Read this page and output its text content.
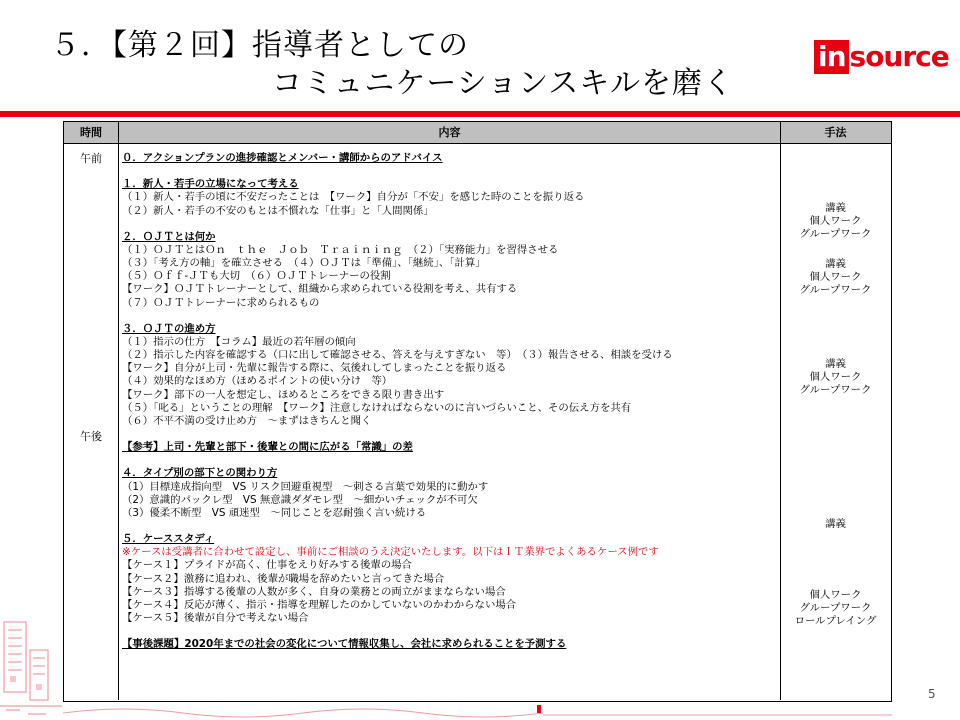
５．【第２回】指導者としての
コミュニケーションスキルを磨く
in source
時間	内容	手法
午前
午後
０．アクションプランの進捗確認とメンバー・講師からのアドバイス
１．新人・若手の立場になって考える
（１）新人・若手の頃に不安だったことは　【ワーク】自分が「不安」を感じた時のことを振り返る
（２）新人・若手の不安のもとは不慣れな「仕事」と「人間関係」
２．ＯＪＴとは何か
（１）ＯＪＴとはＯｎ　ｔｈｅ　Ｊｏｂ　Ｔｒａｉｎｉｎｇ　（２）「実務能力」を習得させる
（３）「考え方の軸」を確立させる　（４）ＯＪＴは「準備」、「継続」、「計算」
（５）Ｏｆｆ-ＪＴも大切　（６）ＯＪＴトレーナーの役割
【ワーク】ＯＪＴトレーナーとして、組織から求められている役割を考え、共有する
（７）ＯＪＴトレーナーに求められるもの
３．ＯＪＴの進め方
（１）指示の仕方　【コラム】最近の若年層の傾向
（２）指示した内容を確認する（口に出して確認させる、答えを与えすぎない　等）　（３）報告させる、相談を受ける
【ワーク】自分が上司・先輩に報告する際に、気後れしてしまったことを振り返る
（４）効果的なほめ方（ほめるポイントの使い分け　等）
【ワーク】部下の一人を想定し、ほめるところをできる限り書き出す
（５）「叱る」ということの理解　【ワーク】注意しなければならないのに言いづらいこと、その伝え方を共有
（６）不平不満の受け止め方　～まずはきちんと聞く
【参考】上司・先輩と部下・後輩との間に広がる「常識」の差
４．タイプ別の部下との関わり方
（1）目標達成指向型　VS リスク回避重視型　～刺さる言葉で効果的に動かす
（2）意識的パックレ型　VS 無意識ダダモレ型　～細かいチェックが不可欠
（3）優柔不断型　VS 頑迷型　～同じことを忍耐強く言い続ける
５．ケーススタディ
※ケースは受講者に合わせて設定し、事前にご相談のうえ決定いたします。以下はＩＴ業界でよくあるケース例です
【ケース１】プライドが高く、仕事をえり好みする後輩の場合
【ケース２】激務に追われ、後輩が職場を辞めたいと言ってきた場合
【ケース３】指導する後輩の人数が多く、自身の業務との両立がままならない場合
【ケース４】反応が薄く、指示・指導を理解したのかしていないのかわからない場合
【ケース５】後輩が自分で考えない場合
【事後課題】2020年までの社会の変化について情報収集し、会社に求められることを予測する
講義
個人ワーク
グループワーク
講義
個人ワーク
グループワーク
講義
個人ワーク
グループワーク
講義
個人ワーク
グループワーク
ロールプレイング
5
